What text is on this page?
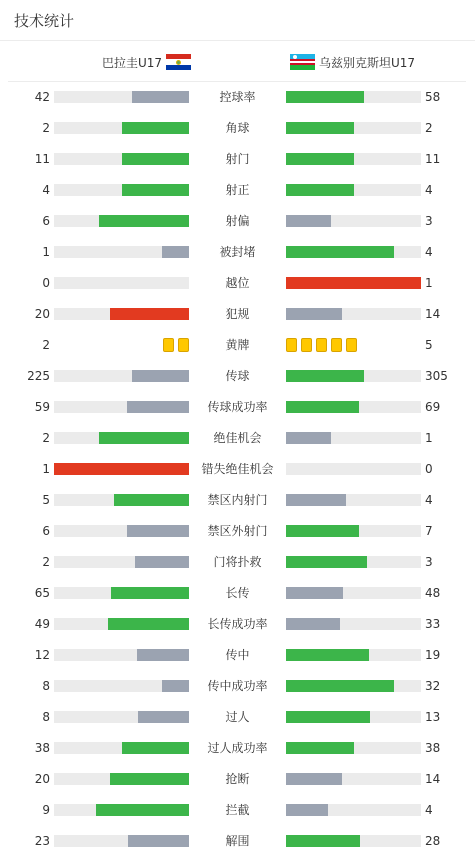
技术统计
巴拉圭U17	乌兹别克斯坦U17
42	控球率	58
2	角球	2
11	射门	11
4	射正	4
6	射偏	3
1	被封堵	4
0	越位	1
20	犯规	14
2	黄牌	5
225	传球	305
59	传球成功率	69
2	绝佳机会	1
1	错失绝佳机会	0
5	禁区内射门	4
6	禁区外射门	7
2	门将扑救	3
65	长传	48
49	长传成功率	33
12	传中	19
8	传中成功率	32
8	过人	13
38	过人成功率	38
20	抢断	14
9	拦截	4
23	解围	28
